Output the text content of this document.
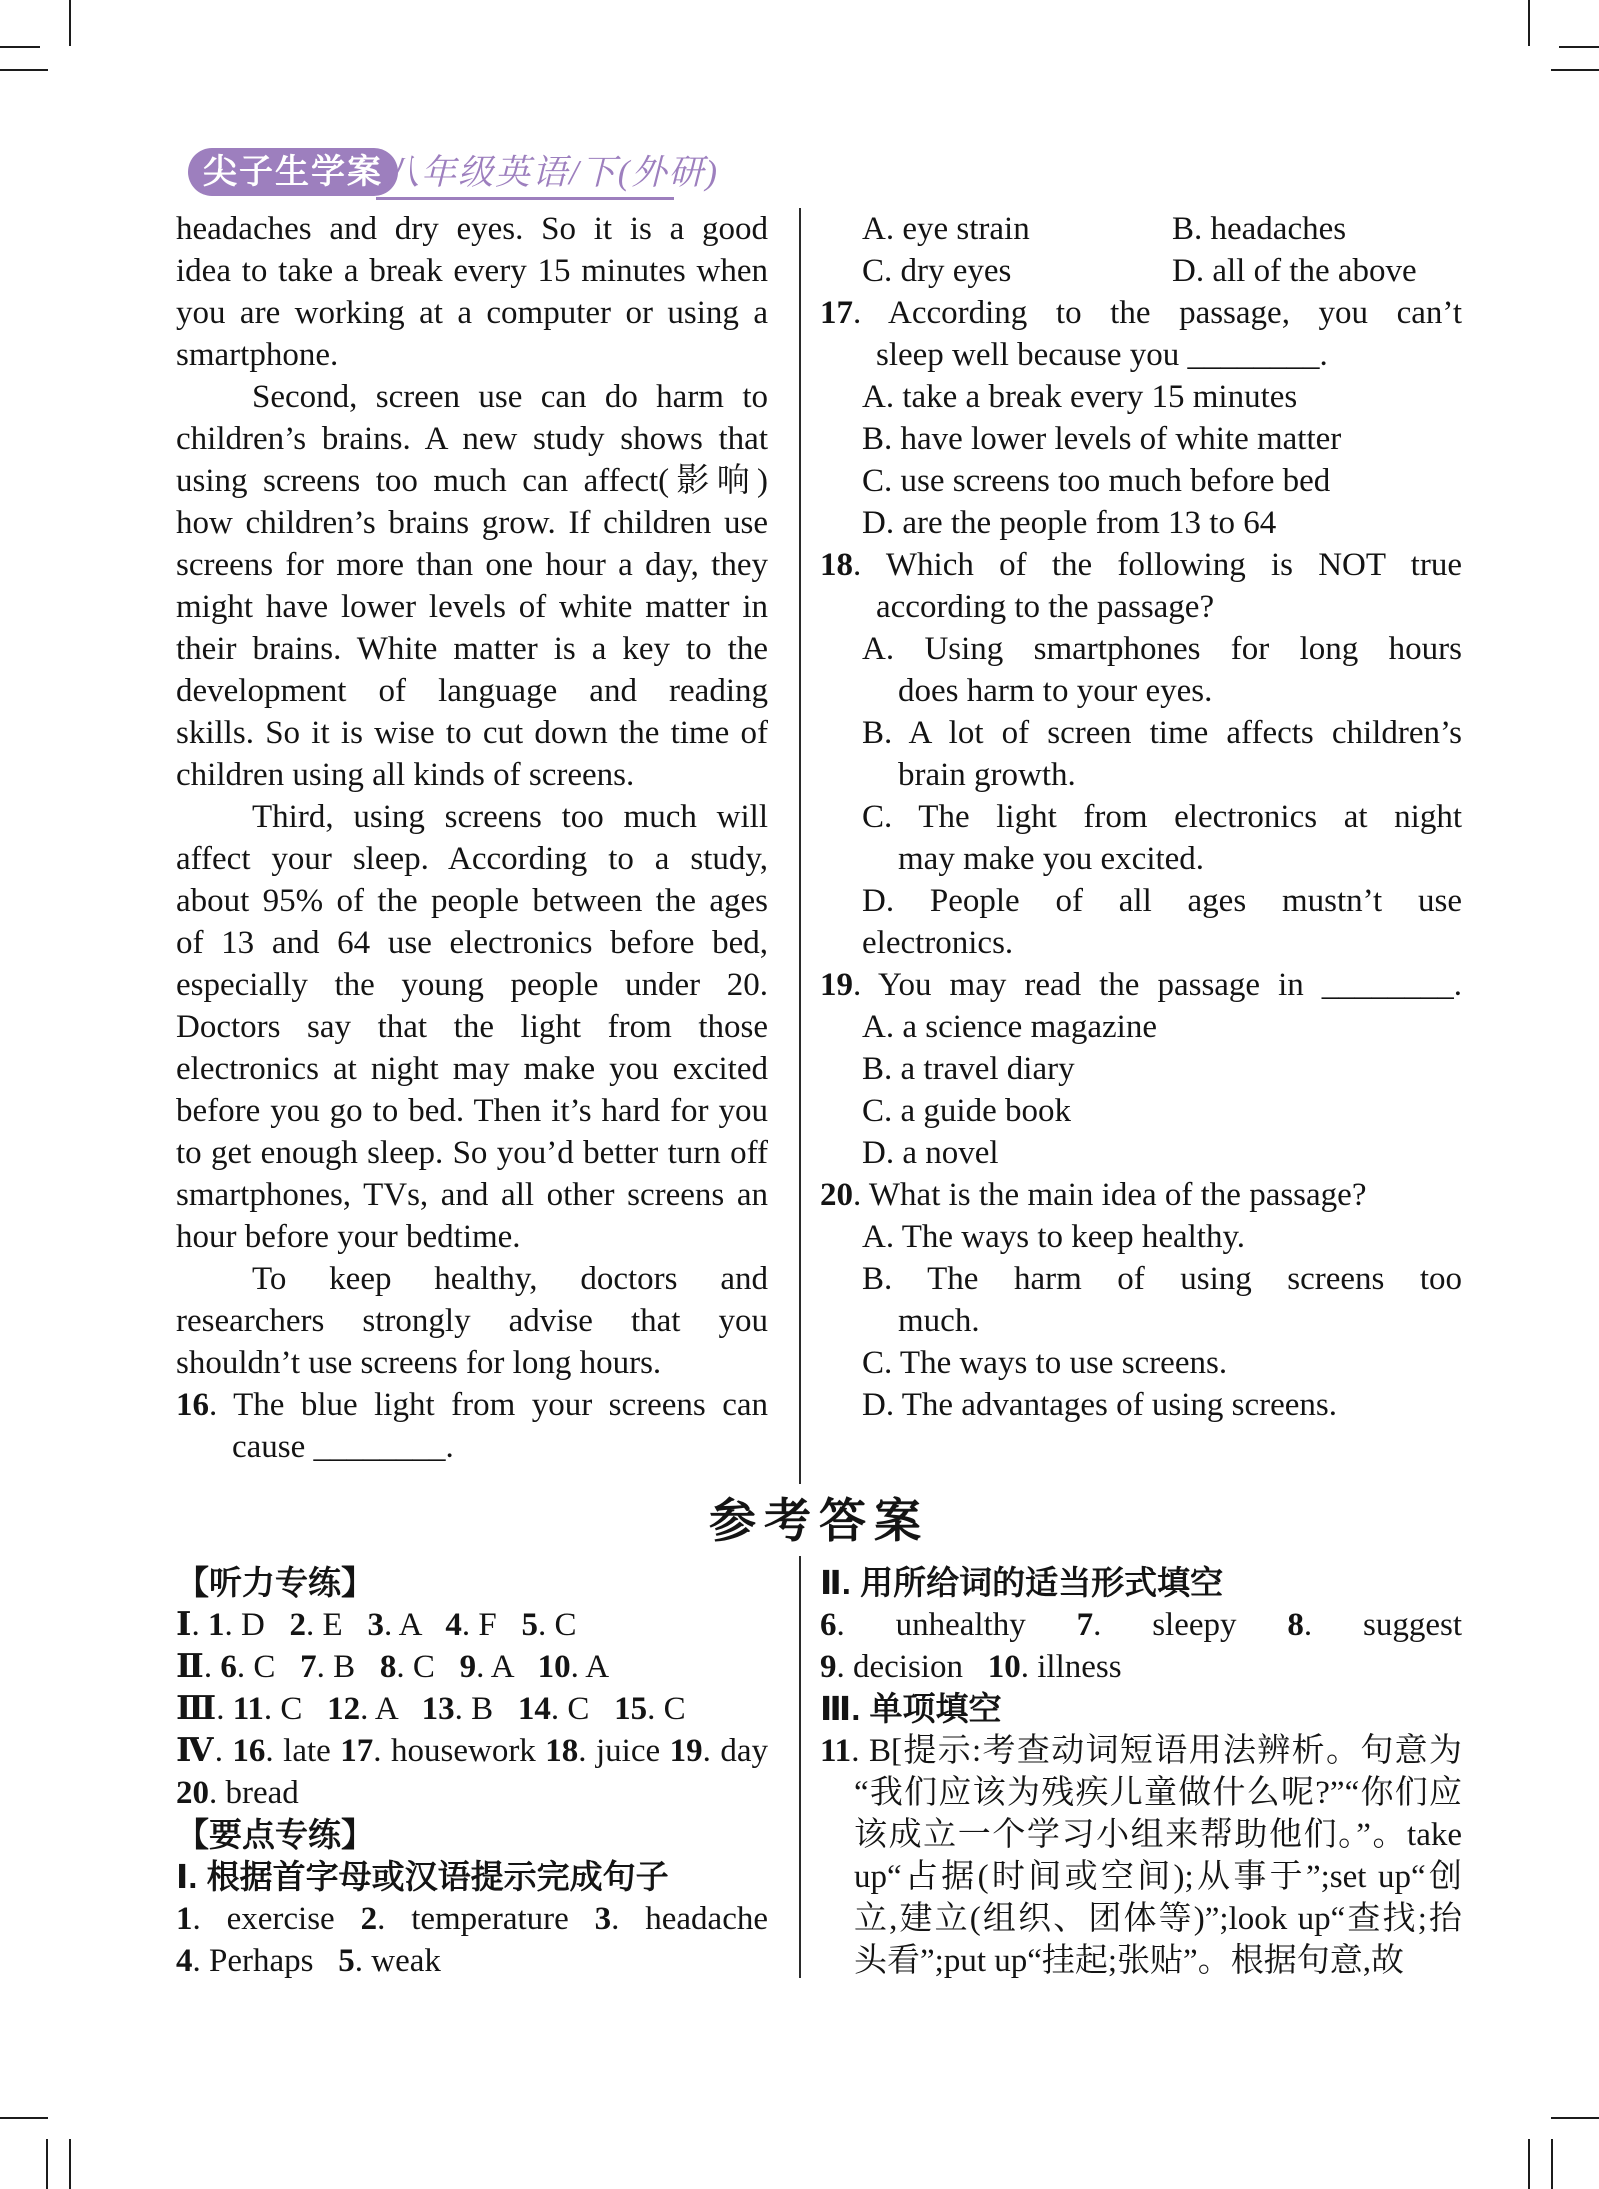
尖子生学案 八年级英语/下(外研)
headaches and dry eyes. So it is a good
idea to take a break every 15 minutes when
you are working at a computer or using a
smartphone.
Second, screen use can do harm to
children’s brains. A new study shows that
using screens too much can affect(影响)
how children’s brains grow. If children use
screens for more than one hour a day, they
might have lower levels of white matter in
their brains. White matter is a key to the
development of language and reading
skills. So it is wise to cut down the time of
children using all kinds of screens.
Third, using screens too much will
affect your sleep. According to a study,
about 95% of the people between the ages
of 13 and 64 use electronics before bed,
especially the young people under 20.
Doctors say that the light from those
electronics at night may make you excited
before you go to bed. Then it’s hard for you
to get enough sleep. So you’d better turn off
smartphones, TVs, and all other screens an
hour before your bedtime.
To keep healthy, doctors and
researchers strongly advise that you
shouldn’t use screens for long hours.
16. The blue light from your screens can
cause ________.
A. eye strain	B. headaches
C. dry eyes	D. all of the above
17. According to the passage, you can’t
sleep well because you ________.
A. take a break every 15 minutes
B. have lower levels of white matter
C. use screens too much before bed
D. are the people from 13 to 64
18. Which of the following is NOT true
according to the passage?
A. Using smartphones for long hours
does harm to your eyes.
B. A lot of screen time affects children’s
brain growth.
C. The light from electronics at night
may make you excited.
D. People of all ages mustn’t use
electronics.
19. You may read the passage in ________.
A. a science magazine
B. a travel diary
C. a guide book
D. a novel
20. What is the main idea of the passage?
A. The ways to keep healthy.
B. The harm of using screens too
much.
C. The ways to use screens.
D. The advantages of using screens.
参考答案
【听力专练】
Ⅰ. 1. D   2. E   3. A   4. F   5. C
Ⅱ. 6. C   7. B   8. C   9. A   10. A
Ⅲ. 11. C   12. A   13. B   14. C   15. C
Ⅳ. 16. late 17. housework 18. juice 19. day
20. bread
【要点专练】
Ⅰ. 根据首字母或汉语提示完成句子
1. exercise 2. temperature 3. headache
4. Perhaps   5. weak
Ⅱ. 用所给词的适当形式填空
6. unhealthy 7. sleepy 8. suggest
9. decision   10. illness
Ⅲ. 单项填空
11. B[提示:考查动词短语用法辨析。句意为
“我们应该为残疾儿童做什么呢?”“你们应
该成立一个学习小组来帮助他们。”。take
up“占据(时间或空间);从事于”;set up“创
立,建立(组织、团体等)”;look up“查找;抬
头看”;put up“挂起;张贴”。根据句意,故
